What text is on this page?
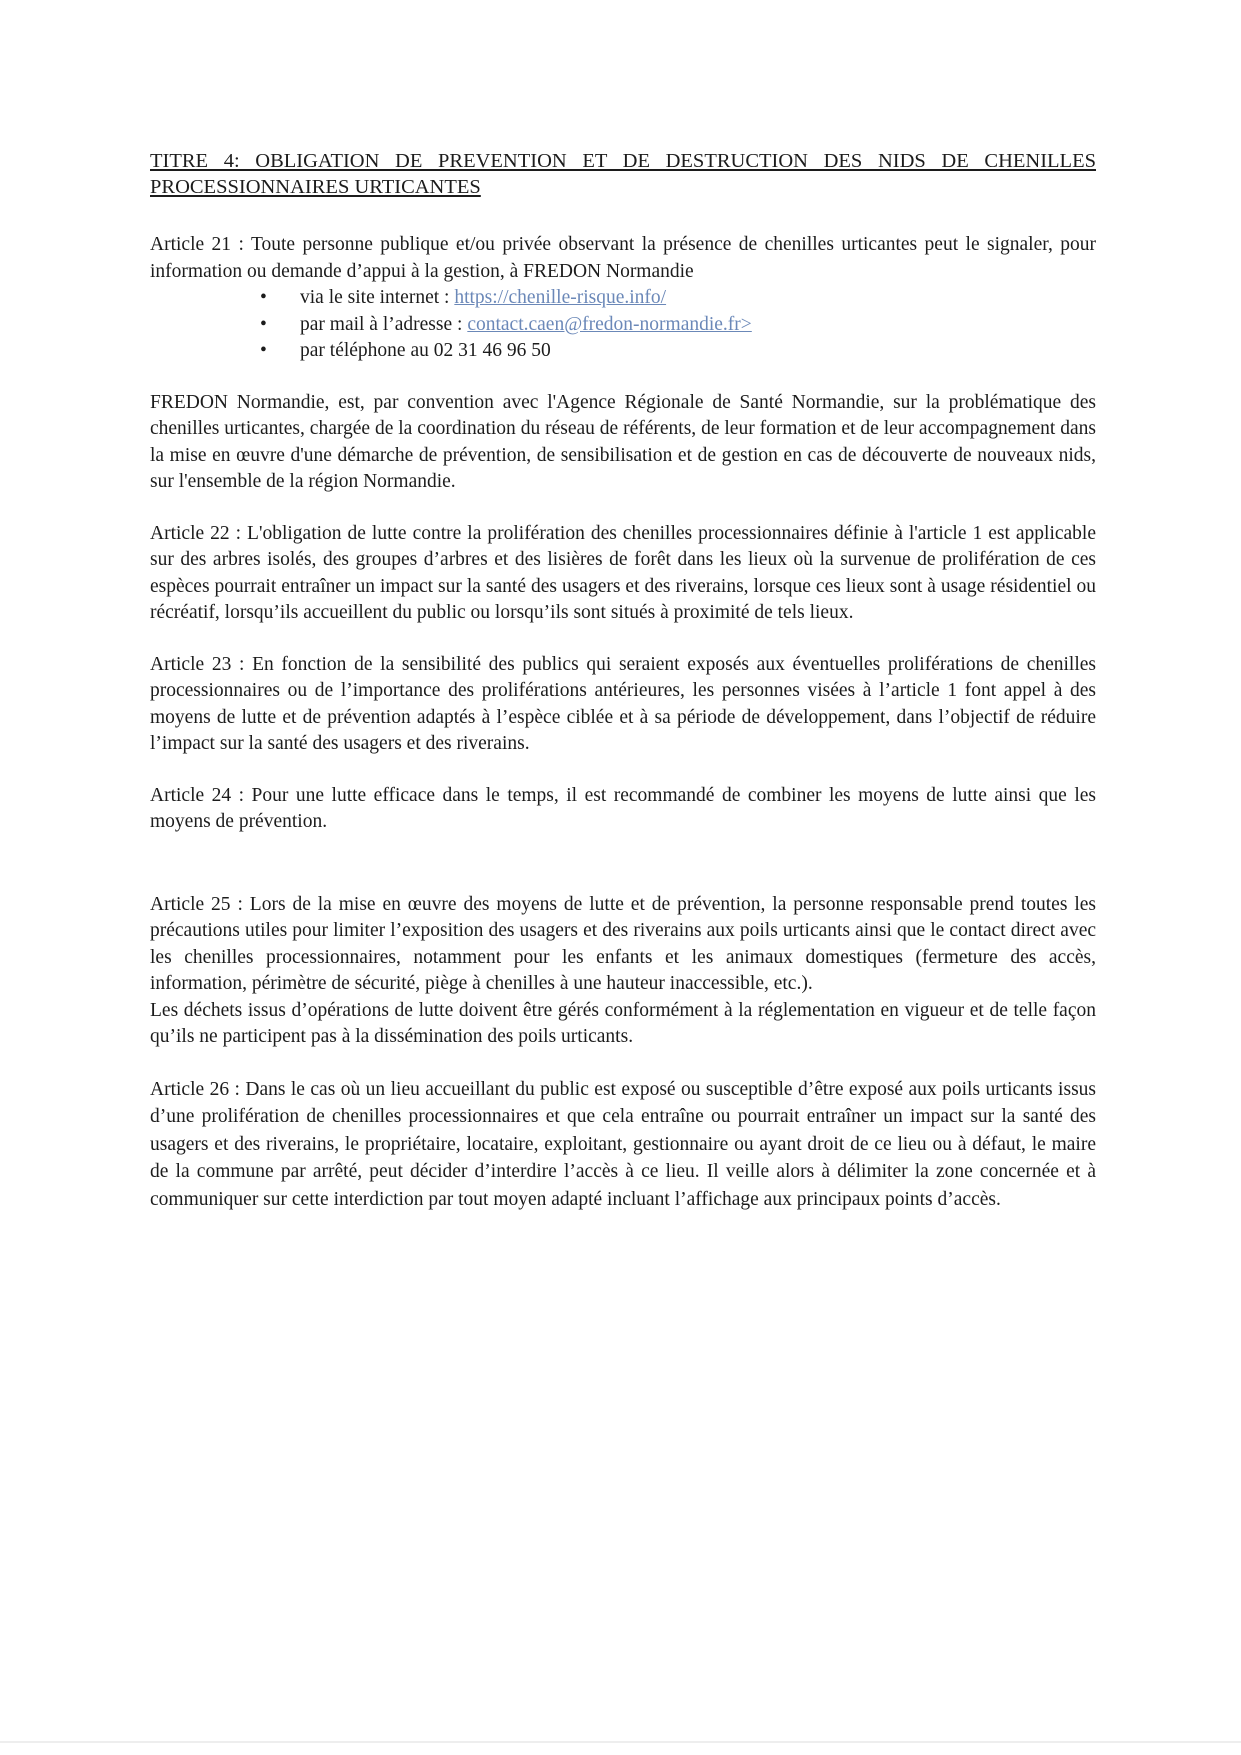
TITRE 4: OBLIGATION DE PREVENTION ET DE DESTRUCTION DES NIDS DE CHENILLES PROCESSIONNAIRES URTICANTES

Article 21 : Toute personne publique et/ou privée observant la présence de chenilles urticantes peut le signaler, pour information ou demande d’appui à la gestion, à FREDON Normandie

• via le site internet : https://chenille-risque.info/
• par mail à l’adresse : contact.caen@fredon-normandie.fr>
• par téléphone au 02 31 46 96 50

FREDON Normandie, est, par convention avec l'Agence Régionale de Santé Normandie, sur la problématique des chenilles urticantes, chargée de la coordination du réseau de référents, de leur formation et de leur accompagnement dans la mise en œuvre d'une démarche de prévention, de sensibilisation et de gestion en cas de découverte de nouveaux nids, sur l'ensemble de la région Normandie.

Article 22 : L'obligation de lutte contre la prolifération des chenilles processionnaires définie à l'article 1 est applicable sur des arbres isolés, des groupes d’arbres et des lisières de forêt dans les lieux où la survenue de prolifération de ces espèces pourrait entraîner un impact sur la santé des usagers et des riverains, lorsque ces lieux sont à usage résidentiel ou récréatif, lorsqu’ils accueillent du public ou lorsqu’ils sont situés à proximité de tels lieux.

Article 23 : En fonction de la sensibilité des publics qui seraient exposés aux éventuelles proliférations de chenilles processionnaires ou de l’importance des proliférations antérieures, les personnes visées à l’article 1 font appel à des moyens de lutte et de prévention adaptés à l’espèce ciblée et à sa période de développement, dans l’objectif de réduire l’impact sur la santé des usagers et des riverains.

Article 24 : Pour une lutte efficace dans le temps, il est recommandé de combiner les moyens de lutte ainsi que les moyens de prévention.

Article 25 : Lors de la mise en œuvre des moyens de lutte et de prévention, la personne responsable prend toutes les précautions utiles pour limiter l’exposition des usagers et des riverains aux poils urticants ainsi que le contact direct avec les chenilles processionnaires, notamment pour les enfants et les animaux domestiques (fermeture des accès, information, périmètre de sécurité, piège à chenilles à une hauteur inaccessible, etc.).

Les déchets issus d’opérations de lutte doivent être gérés conformément à la réglementation en vigueur et de telle façon qu’ils ne participent pas à la dissémination des poils urticants.

Article 26 : Dans le cas où un lieu accueillant du public est exposé ou susceptible d’être exposé aux poils urticants issus d’une prolifération de chenilles processionnaires et que cela entraîne ou pourrait entraîner un impact sur la santé des usagers et des riverains, le propriétaire, locataire, exploitant, gestionnaire ou ayant droit de ce lieu ou à défaut, le maire de la commune par arrêté, peut décider d’interdire l’accès à ce lieu. Il veille alors à délimiter la zone concernée et à communiquer sur cette interdiction par tout moyen adapté incluant l’affichage aux principaux points d’accès.
